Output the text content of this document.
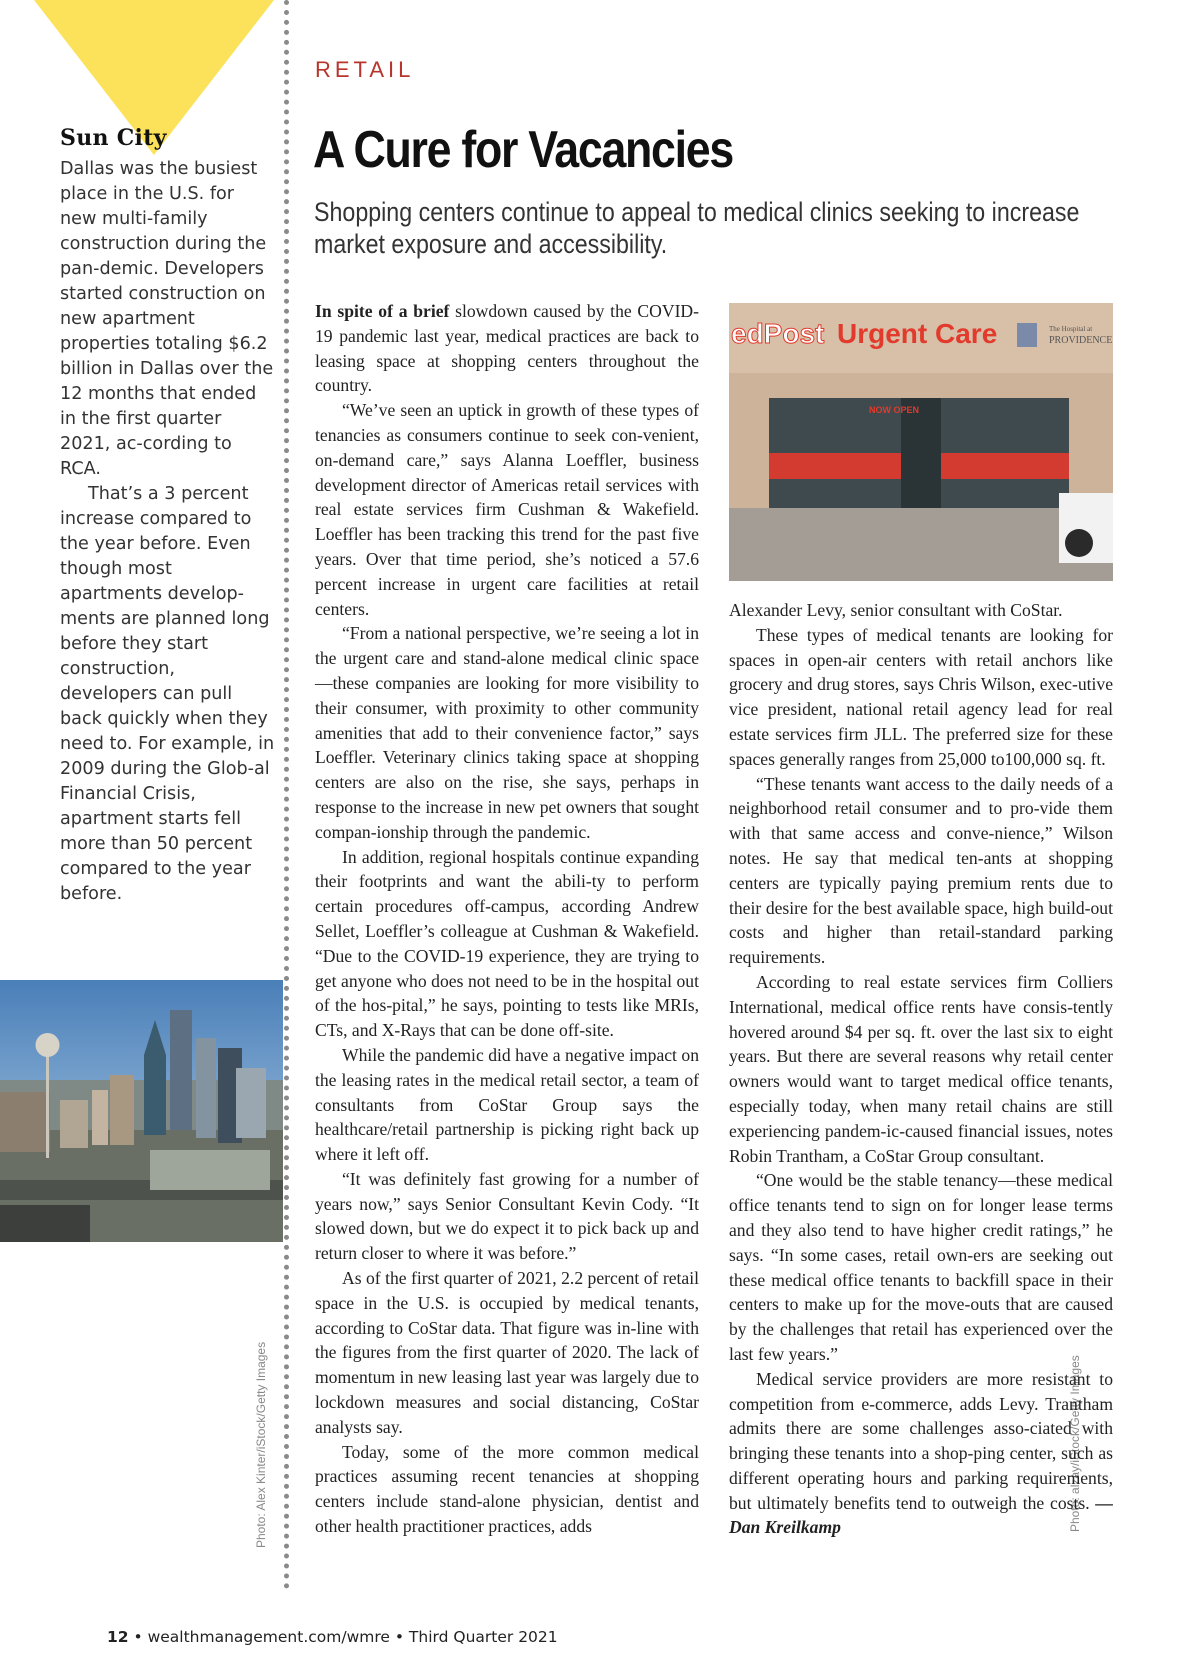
Sun City

Dallas was the busiest place in the U.S. for new multi-family construction during the pan-demic. Developers started construction on new apartment properties totaling $6.2 billion in Dallas over the 12 months that ended in the first quarter 2021, ac-cording to RCA.

That’s a 3 percent increase compared to the year before. Even though most apartments develop-ments are planned long before they start construction, developers can pull back quickly when they need to. For example, in 2009 during the Glob-al Financial Crisis, apartment starts fell more than 50 percent compared to the year before.

Photo: Alex Kinter/iStock/Getty Images
RETAIL
A Cure for Vacancies

Shopping centers continue to appeal to medical clinics seeking to increase market exposure and accessibility.

In spite of a brief slowdown caused by the COVID-19 pandemic last year, medical practices are back to leasing space at shopping centers throughout the country.

“We’ve seen an uptick in growth of these types of tenancies as consumers continue to seek con-venient, on-demand care,” says Alanna Loeffler, business development director of Americas retail services with real estate services firm Cushman & Wakefield. Loeffler has been tracking this trend for the past five years. Over that time period, she’s noticed a 57.6 percent increase in urgent care facilities at retail centers.

“From a national perspective, we’re seeing a lot in the urgent care and stand-alone medical clinic space—these companies are looking for more visibility to their consumer, with proximity to other community amenities that add to their convenience factor,” says Loeffler. Veterinary clinics taking space at shopping centers are also on the rise, she says, perhaps in response to the increase in new pet owners that sought compan-ionship through the pandemic.

In addition, regional hospitals continue expanding their footprints and want the abili-ty to perform certain procedures off-campus, according Andrew Sellet, Loeffler’s colleague at Cushman & Wakefield. “Due to the COVID-19 experience, they are trying to get anyone who does not need to be in the hospital out of the hos-pital,” he says, pointing to tests like MRIs, CTs, and X-Rays that can be done off-site.

While the pandemic did have a negative impact on the leasing rates in the medical retail sector, a team of consultants from CoStar Group says the healthcare/retail partnership is picking right back up where it left off.

“It was definitely fast growing for a number of years now,” says Senior Consultant Kevin Cody. “It slowed down, but we do expect it to pick back up and return closer to where it was before.”

As of the first quarter of 2021, 2.2 percent of retail space in the U.S. is occupied by medical tenants, according to CoStar data. That figure was in-line with the figures from the first quarter of 2020. The lack of momentum in new leasing last year was largely due to lockdown measures and social distancing, CoStar analysts say.

Today, some of the more common medical practices assuming recent tenancies at shopping centers include stand-alone physician, dentist and other health practitioner practices, adds

edPost Urgent Care	The Hospital at
PROVIDENCE
NOW OPEN
Photo: alzay/iStock/Getty Images

Alexander Levy, senior consultant with CoStar.

These types of medical tenants are looking for spaces in open-air centers with retail anchors like grocery and drug stores, says Chris Wilson, exec-utive vice president, national retail agency lead for real estate services firm JLL. The preferred size for these spaces generally ranges from 25,000 to100,000 sq. ft.

“These tenants want access to the daily needs of a neighborhood retail consumer and to pro-vide them with that same access and conve-nience,” Wilson notes. He say that medical ten-ants at shopping centers are typically paying premium rents due to their desire for the best available space, high build-out costs and higher than retail-standard parking requirements.

According to real estate services firm Colliers International, medical office rents have consis-tently hovered around $4 per sq. ft. over the last six to eight years. But there are several reasons why retail center owners would want to target medical office tenants, especially today, when many retail chains are still experiencing pandem-ic-caused financial issues, notes Robin Trantham, a CoStar Group consultant.

“One would be the stable tenancy—these medical office tenants tend to sign on for longer lease terms and they also tend to have higher credit ratings,” he says. “In some cases, retail own-ers are seeking out these medical office tenants to backfill space in their centers to make up for the move-outs that are caused by the challenges that retail has experienced over the last few years.”

Medical service providers are more resistant to competition from e-commerce, adds Levy. Trantham admits there are some challenges asso-ciated with bringing these tenants into a shop-ping center, such as different operating hours and parking requirements, but ultimately benefits tend to outweigh the costs. —Dan Kreilkamp

12 • wealthmanagement.com/wmre • Third Quarter 2021
